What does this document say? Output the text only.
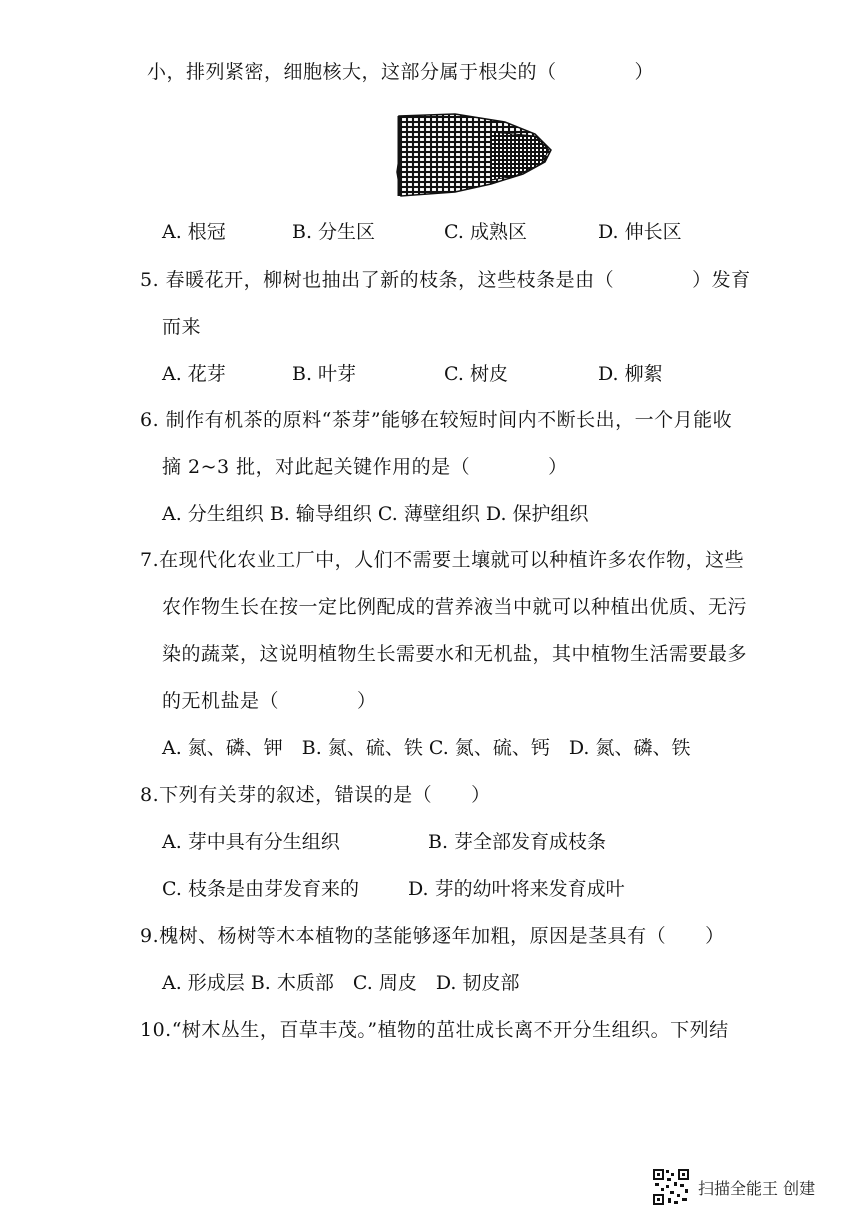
小，排列紧密，细胞核大，这部分属于根尖的（　　　　）
A. 根冠	B. 分生区	C. 成熟区	D. 伸长区
5. 春暖花开，柳树也抽出了新的枝条，这些枝条是由（　　　　）发育
而来
A. 花芽	B. 叶芽	C. 树皮	D. 柳絮
6. 制作有机茶的原料“茶芽”能够在较短时间内不断长出，一个月能收
摘 2~3 批，对此起关键作用的是（　　　　）
A. 分生组织 B. 输导组织 C. 薄壁组织 D. 保护组织
7.在现代化农业工厂中，人们不需要土壤就可以种植许多农作物，这些
农作物生长在按一定比例配成的营养液当中就可以种植出优质、无污
染的蔬菜，这说明植物生长需要水和无机盐，其中植物生活需要最多
的无机盐是（　　　　）
A. 氮、磷、钾　B. 氮、硫、铁 C. 氮、硫、钙　D. 氮、磷、铁
8.下列有关芽的叙述，错误的是（　　）
A. 芽中具有分生组织	B. 芽全部发育成枝条
C. 枝条是由芽发育来的	D. 芽的幼叶将来发育成叶
9.槐树、杨树等木本植物的茎能够逐年加粗，原因是茎具有（　　）
A. 形成层 B. 木质部　C. 周皮　D. 韧皮部
10.“树木丛生，百草丰茂。”植物的茁壮成长离不开分生组织。下列结
扫描全能王 创建
